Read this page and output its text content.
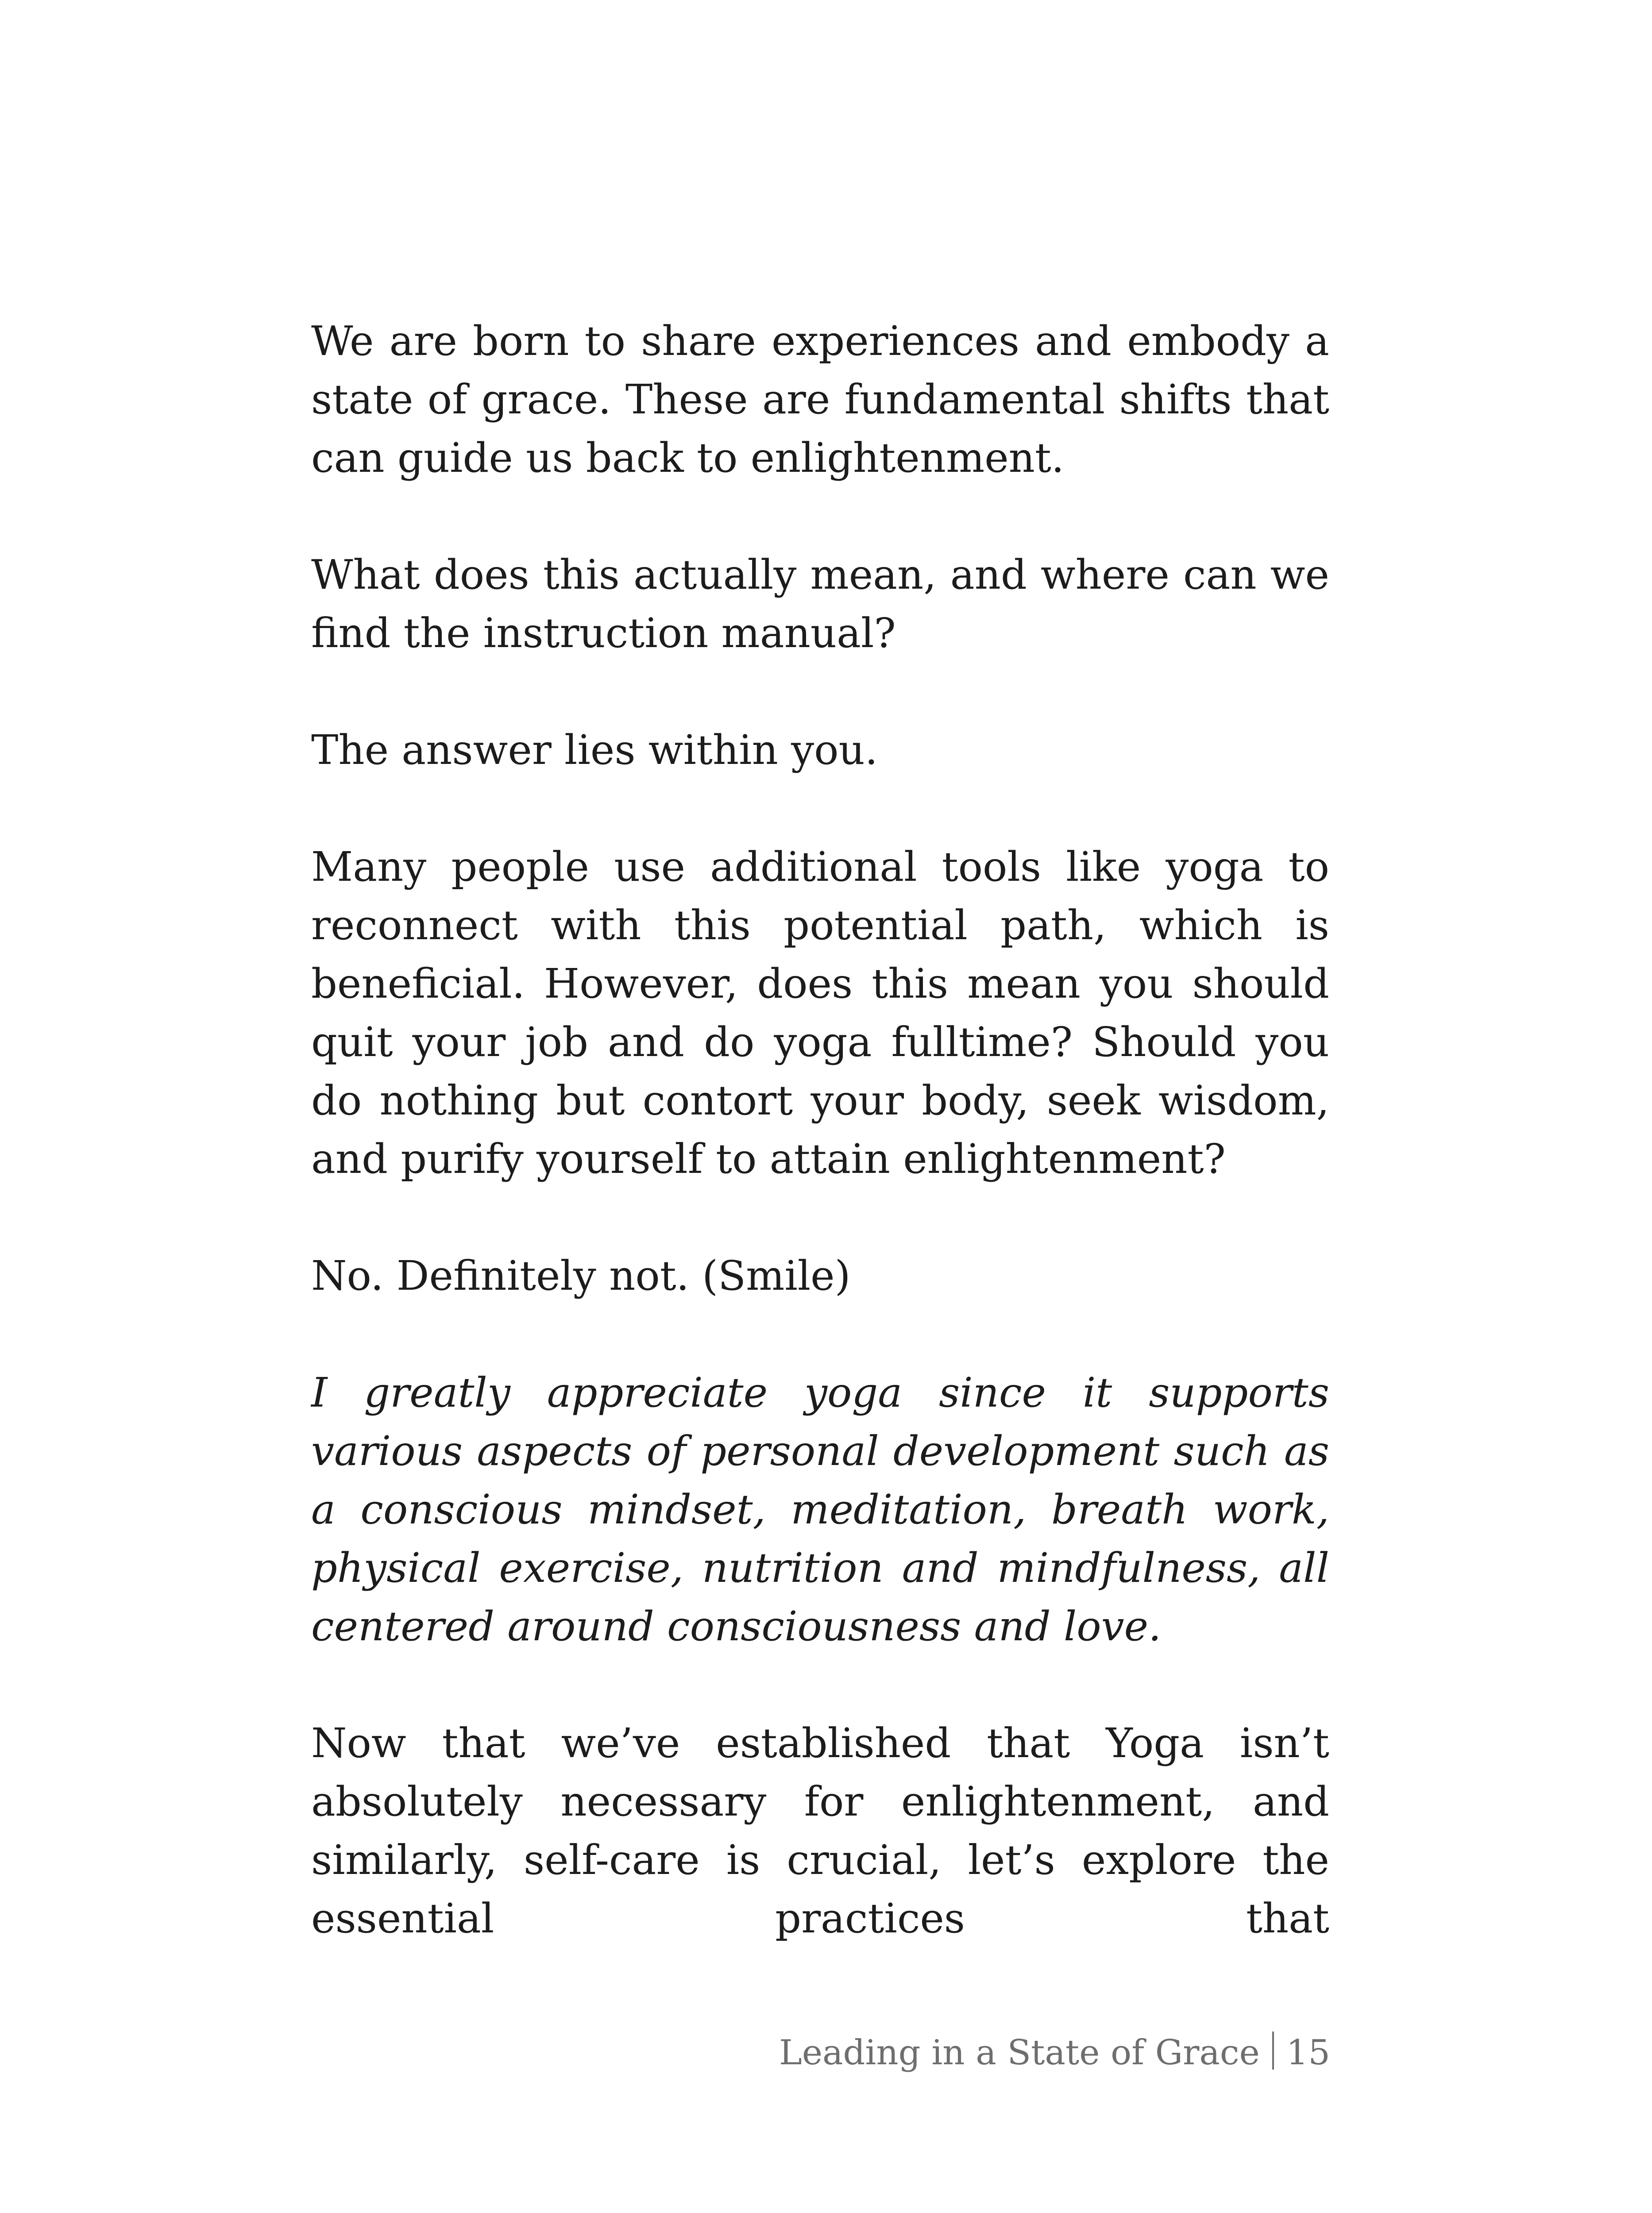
We are born to share experiences and embody a state of grace. These are fundamental shifts that can guide us back to enlightenment.

What does this actually mean, and where can we find the instruction manual?

The answer lies within you.

Many people use additional tools like yoga to reconnect with this potential path, which is beneficial. However, does this mean you should quit your job and do yoga fulltime? Should you do nothing but contort your body, seek wisdom, and purify yourself to attain enlightenment?

No. Definitely not. (Smile)

I greatly appreciate yoga since it supports various aspects of personal development such as a conscious mindset, meditation, breath work, physical exercise, nutrition and mindfulness, all centered around consciousness and love.

Now that we’ve established that Yoga isn’t absolutely necessary for enlightenment, and similarly, self-care is crucial, let’s explore the essential practices that

Leading in a State of Grace 15
